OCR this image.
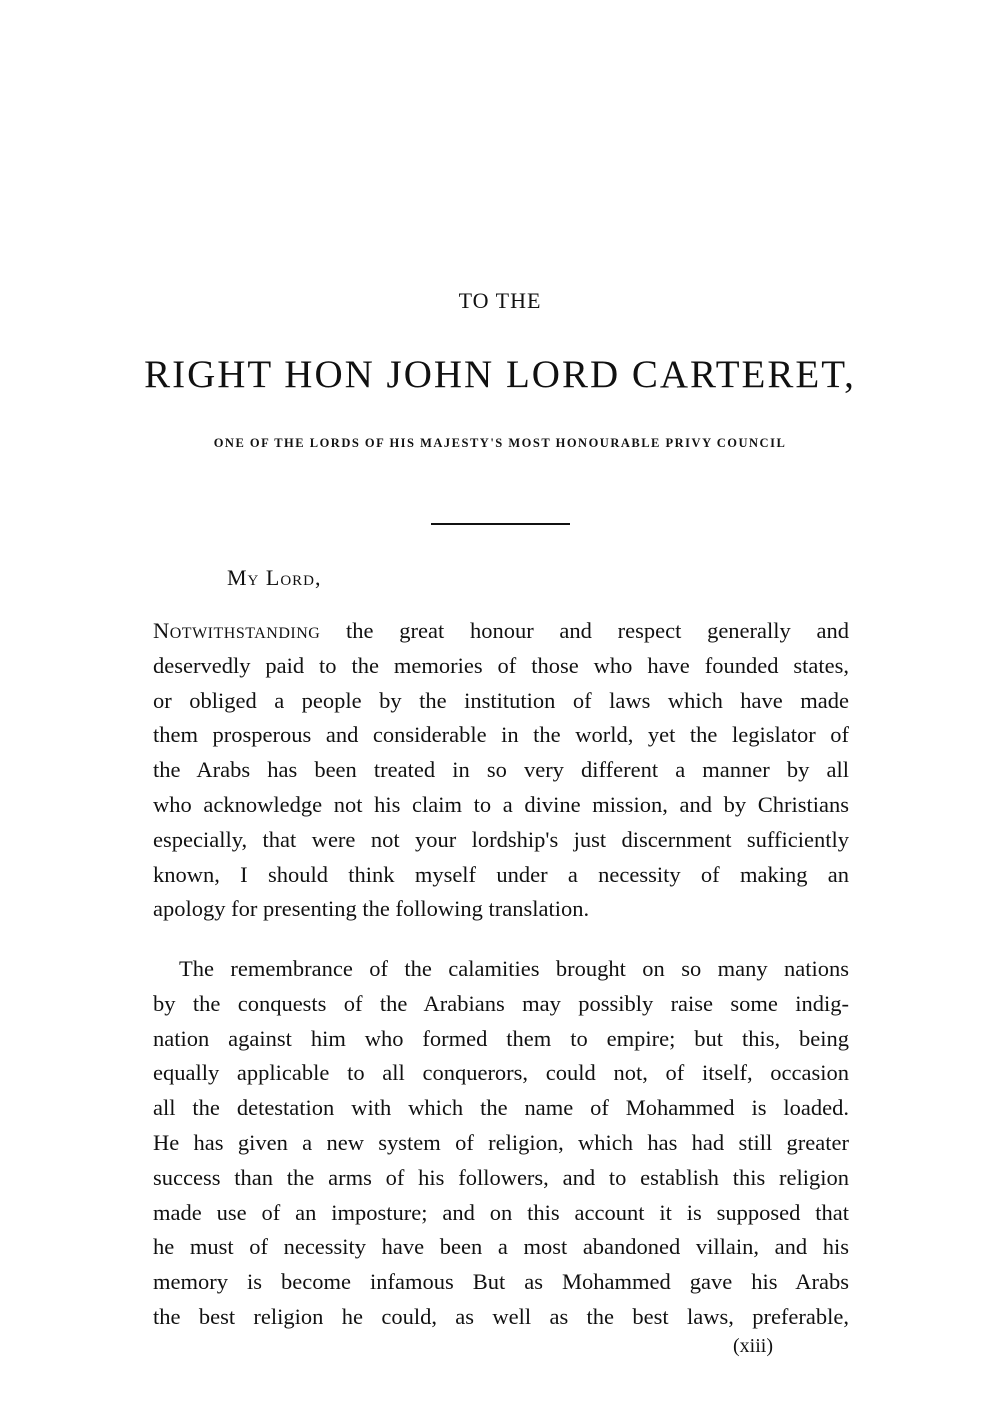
TO THE
RIGHT HON JOHN LORD CARTERET,
ONE OF THE LORDS OF HIS MAJESTY'S MOST HONOURABLE PRIVY COUNCIL
My Lord,
Notwithstanding the great honour and respect generally and
deservedly paid to the memories of those who have founded states,
or obliged a people by the institution of laws which have made
them prosperous and considerable in the world, yet the legislator of
the Arabs has been treated in so very different a manner by all
who acknowledge not his claim to a divine mission, and by Christians
especially, that were not your lordship's just discernment sufficiently
known, I should think myself under a necessity of making an
apology for presenting the following translation.
The remembrance of the calamities brought on so many nations
by the conquests of the Arabians may possibly raise some indig-
nation against him who formed them to empire; but this, being
equally applicable to all conquerors, could not, of itself, occasion
all the detestation with which the name of Mohammed is loaded.
He has given a new system of religion, which has had still greater
success than the arms of his followers, and to establish this religion
made use of an imposture; and on this account it is supposed that
he must of necessity have been a most abandoned villain, and his
memory is become infamous But as Mohammed gave his Arabs
the best religion he could, as well as the best laws, preferable,
(xiii)
